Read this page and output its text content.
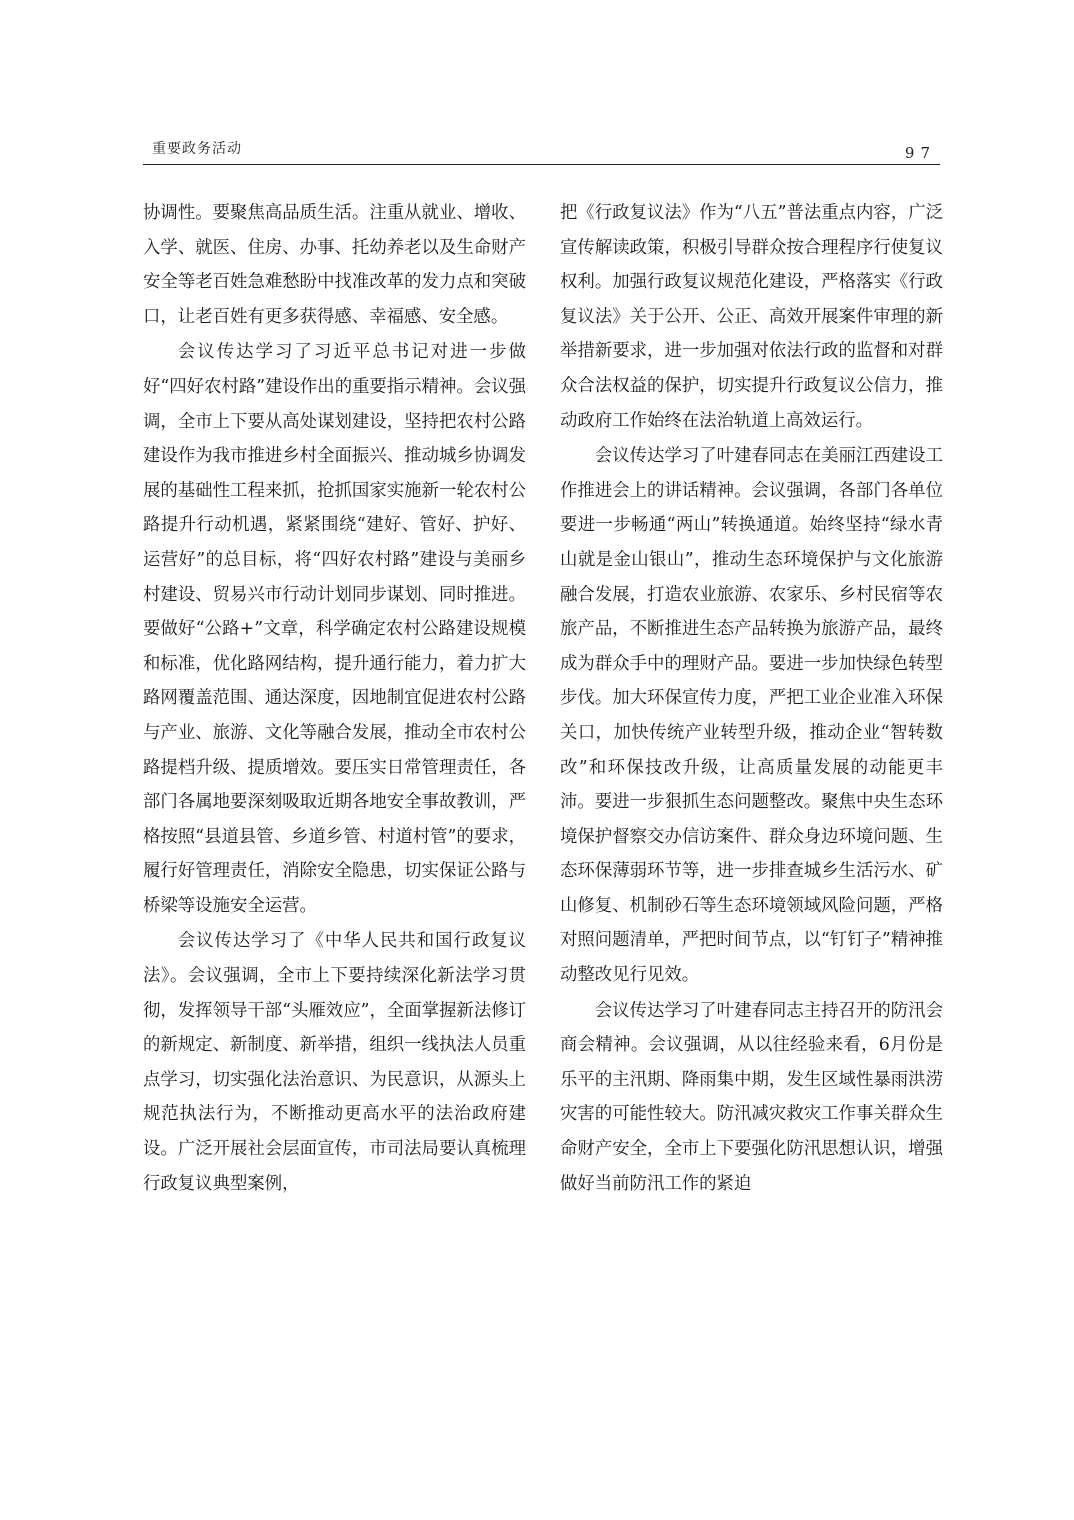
重要政务活动	97

协调性。要聚焦高品质生活。注重从就业、增收、入学、就医、住房、办事、托幼养老以及生命财产安全等老百姓急难愁盼中找准改革的发力点和突破口，让老百姓有更多获得感、幸福感、安全感。

会议传达学习了习近平总书记对进一步做好“四好农村路”建设作出的重要指示精神。会议强调，全市上下要从高处谋划建设，坚持把农村公路建设作为我市推进乡村全面振兴、推动城乡协调发展的基础性工程来抓，抢抓国家实施新一轮农村公路提升行动机遇，紧紧围绕“建好、管好、护好、运营好”的总目标，将“四好农村路”建设与美丽乡村建设、贸易兴市行动计划同步谋划、同时推进。要做好“公路+”文章，科学确定农村公路建设规模和标准，优化路网结构，提升通行能力，着力扩大路网覆盖范围、通达深度，因地制宜促进农村公路与产业、旅游、文化等融合发展，推动全市农村公路提档升级、提质增效。要压实日常管理责任，各部门各属地要深刻吸取近期各地安全事故教训，严格按照“县道县管、乡道乡管、村道村管”的要求，履行好管理责任，消除安全隐患，切实保证公路与桥梁等设施安全运营。

会议传达学习了《中华人民共和国行政复议法》。会议强调，全市上下要持续深化新法学习贯彻，发挥领导干部“头雁效应”，全面掌握新法修订的新规定、新制度、新举措，组织一线执法人员重点学习，切实强化法治意识、为民意识，从源头上规范执法行为，不断推动更高水平的法治政府建设。广泛开展社会层面宣传，市司法局要认真梳理行政复议典型案例，

把《行政复议法》作为“八五”普法重点内容，广泛宣传解读政策，积极引导群众按合理程序行使复议权利。加强行政复议规范化建设，严格落实《行政复议法》关于公开、公正、高效开展案件审理的新举措新要求，进一步加强对依法行政的监督和对群众合法权益的保护，切实提升行政复议公信力，推动政府工作始终在法治轨道上高效运行。

会议传达学习了叶建春同志在美丽江西建设工作推进会上的讲话精神。会议强调，各部门各单位要进一步畅通“两山”转换通道。始终坚持“绿水青山就是金山银山”，推动生态环境保护与文化旅游融合发展，打造农业旅游、农家乐、乡村民宿等农旅产品，不断推进生态产品转换为旅游产品，最终成为群众手中的理财产品。要进一步加快绿色转型步伐。加大环保宣传力度，严把工业企业准入环保关口，加快传统产业转型升级，推动企业“智转数改”和环保技改升级，让高质量发展的动能更丰沛。要进一步狠抓生态问题整改。聚焦中央生态环境保护督察交办信访案件、群众身边环境问题、生态环保薄弱环节等，进一步排查城乡生活污水、矿山修复、机制砂石等生态环境领域风险问题，严格对照问题清单，严把时间节点，以“钉钉子”精神推动整改见行见效。

会议传达学习了叶建春同志主持召开的防汛会商会精神。会议强调，从以往经验来看，6月份是乐平的主汛期、降雨集中期，发生区域性暴雨洪涝灾害的可能性较大。防汛减灾救灾工作事关群众生命财产安全，全市上下要强化防汛思想认识，增强做好当前防汛工作的紧迫
